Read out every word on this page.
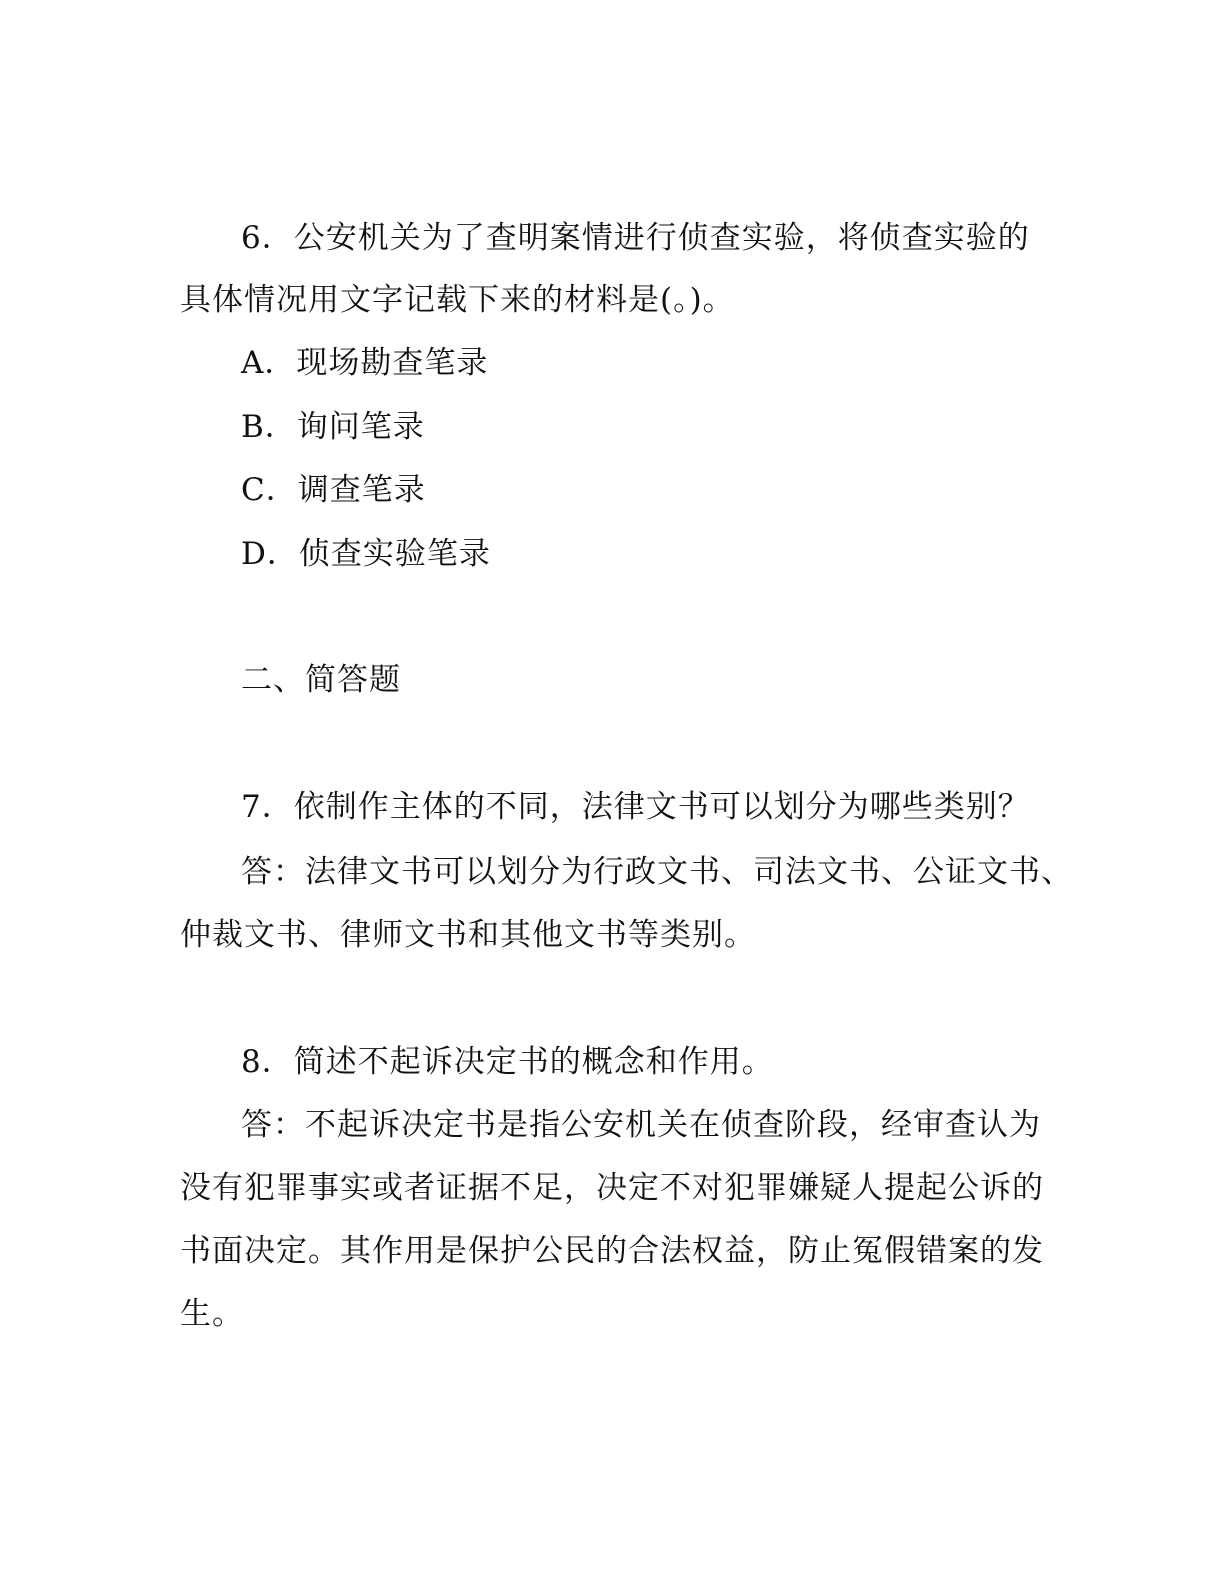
6．公安机关为了查明案情进行侦查实验，将侦查实验的
具体情况用文字记载下来的材料是(。)。
A．现场勘查笔录
B．询问笔录
C．调查笔录
D．侦查实验笔录
二、简答题
7．依制作主体的不同，法律文书可以划分为哪些类别？
答：法律文书可以划分为行政文书、司法文书、公证文书、
仲裁文书、律师文书和其他文书等类别。
8．简述不起诉决定书的概念和作用。
答：不起诉决定书是指公安机关在侦查阶段，经审查认为
没有犯罪事实或者证据不足，决定不对犯罪嫌疑人提起公诉的
书面决定。其作用是保护公民的合法权益，防止冤假错案的发
生。
